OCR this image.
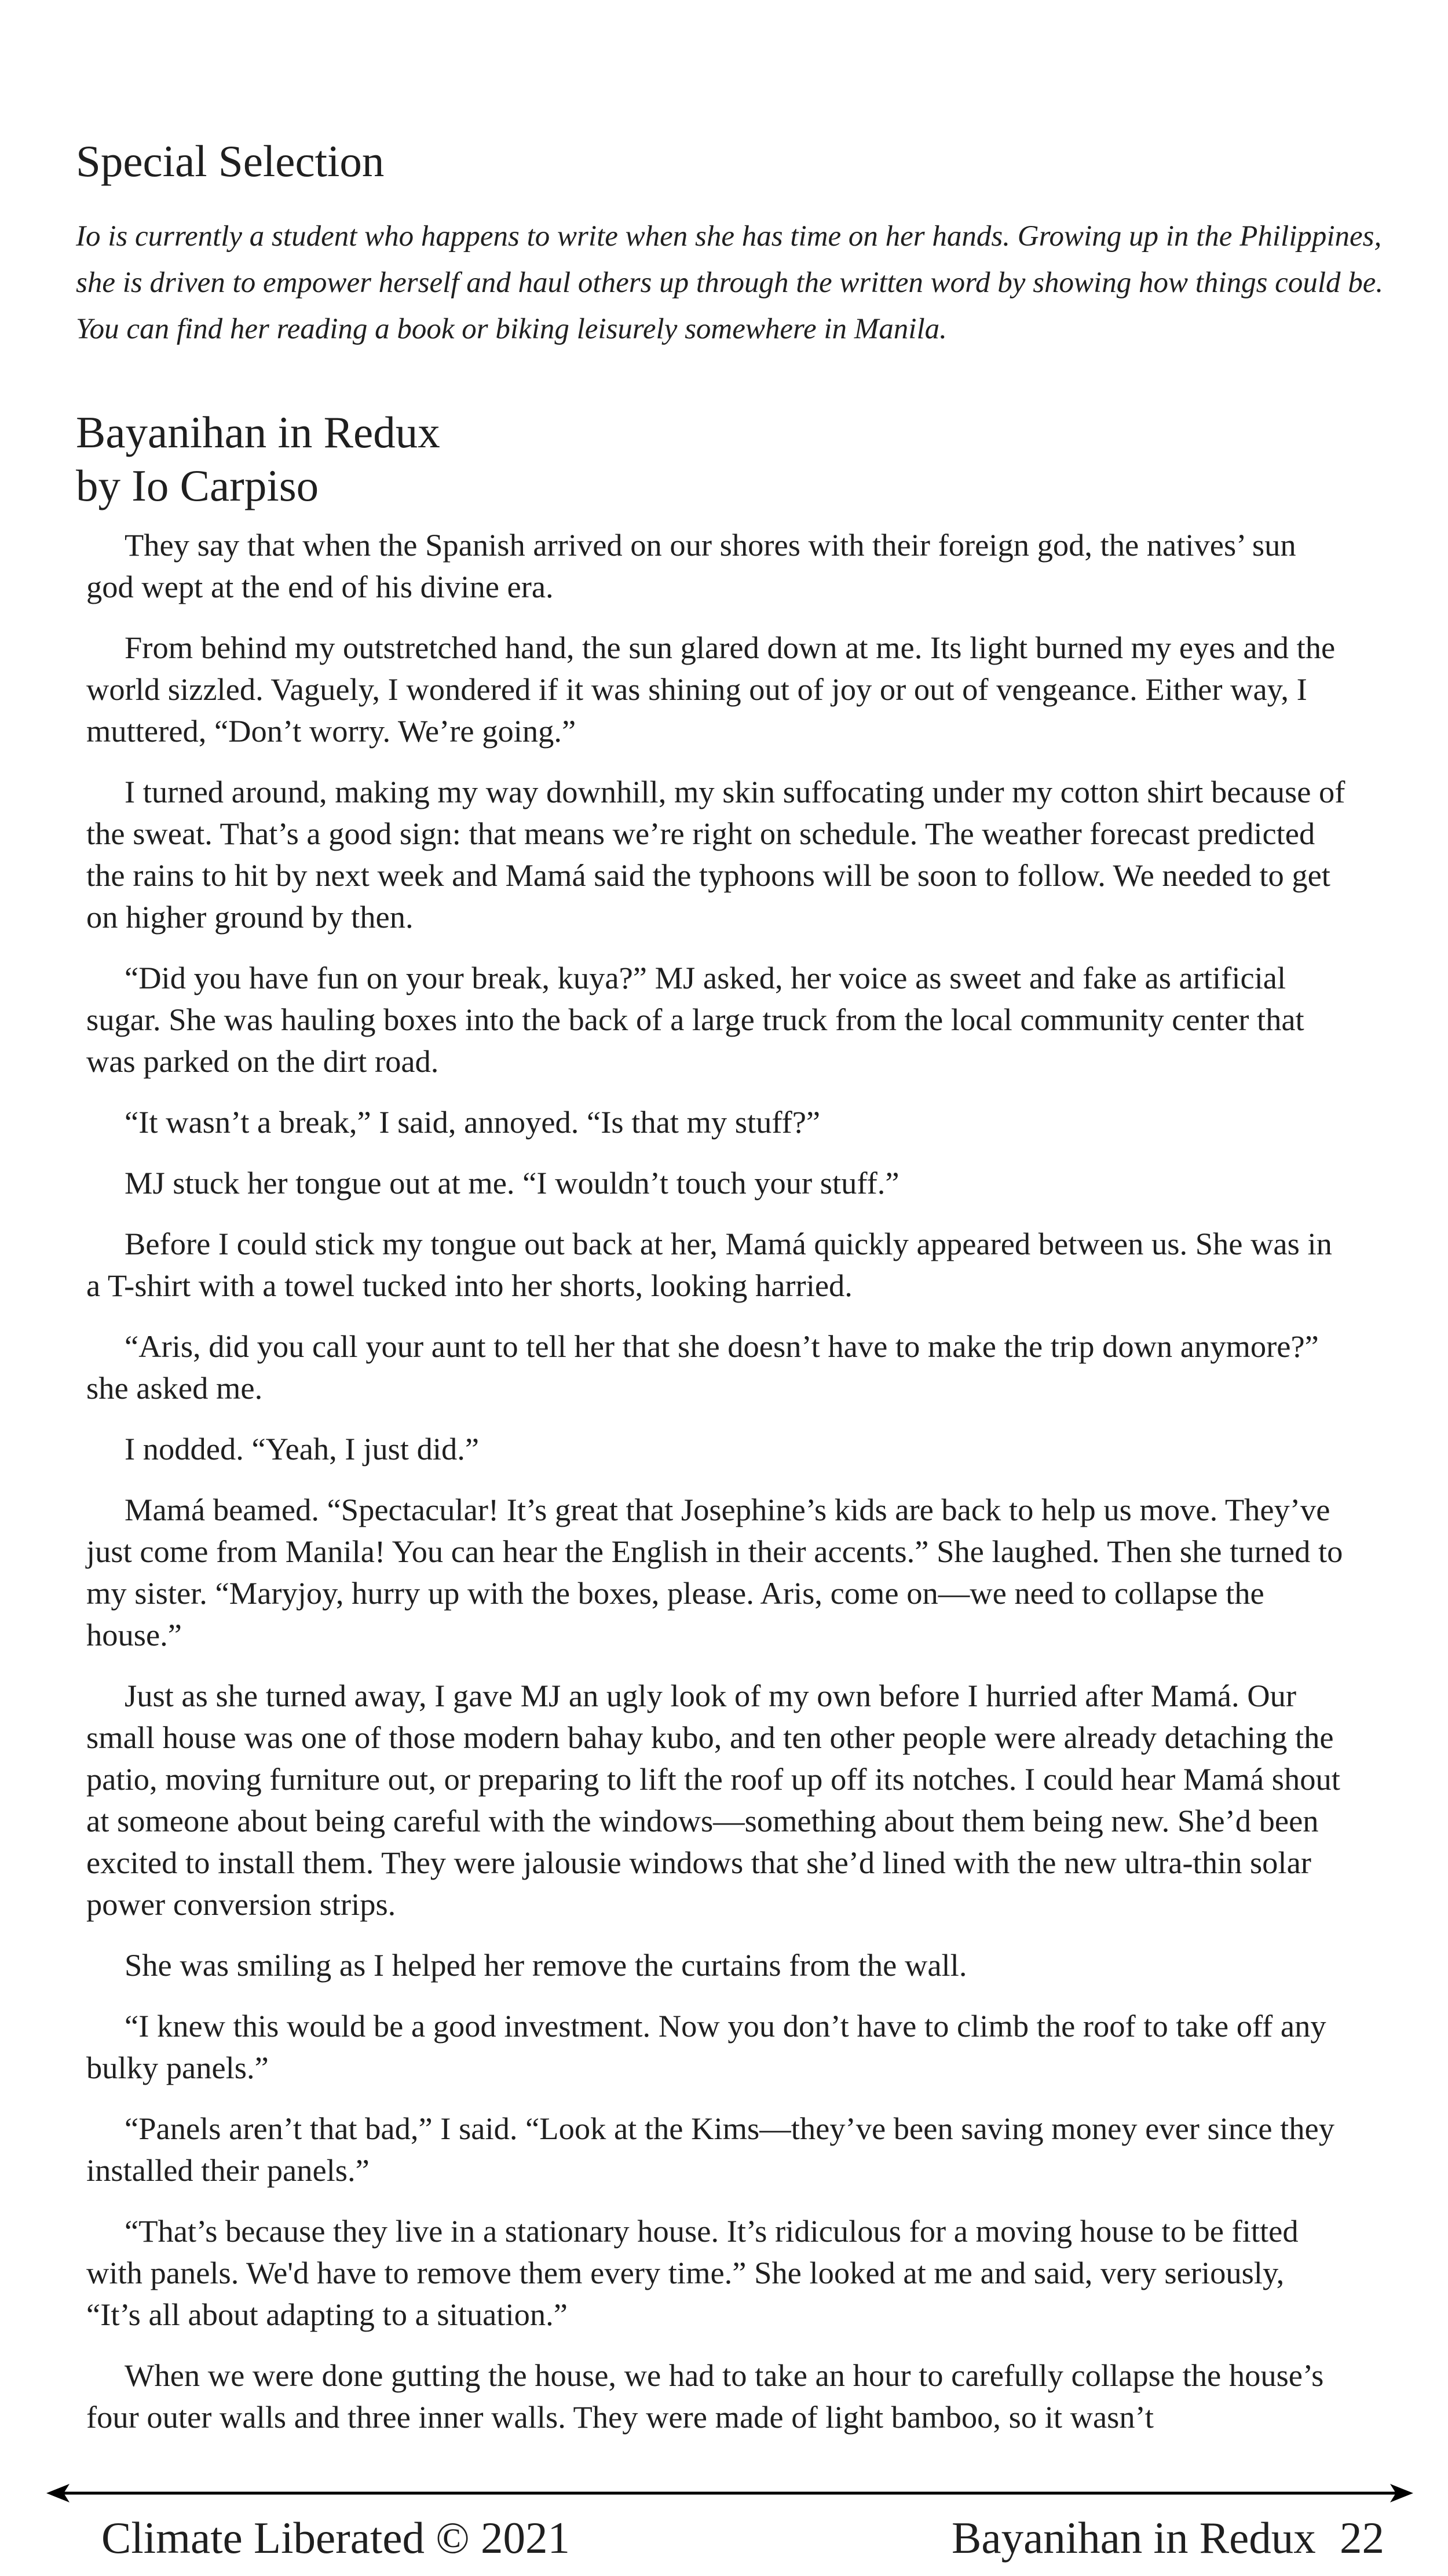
Special Selection

Io is currently a student who happens to write when she has time on her hands. Growing up in the Philippines, she is driven to empower herself and haul others up through the written word by showing how things could be. You can find her reading a book or biking leisurely somewhere in Manila.

Bayanihan in Redux
by Io Carpiso

They say that when the Spanish arrived on our shores with their foreign god, the natives’ sun god wept at the end of his divine era.

From behind my outstretched hand, the sun glared down at me. Its light burned my eyes and the world sizzled. Vaguely, I wondered if it was shining out of joy or out of vengeance. Either way, I muttered, “Don’t worry. We’re going.”

I turned around, making my way downhill, my skin suffocating under my cotton shirt because of the sweat. That’s a good sign: that means we’re right on schedule. The weather forecast predicted the rains to hit by next week and Mamá said the typhoons will be soon to follow. We needed to get on higher ground by then.

“Did you have fun on your break, kuya?” MJ asked, her voice as sweet and fake as artificial sugar. She was hauling boxes into the back of a large truck from the local community center that was parked on the dirt road.

“It wasn’t a break,” I said, annoyed. “Is that my stuff?”

MJ stuck her tongue out at me. “I wouldn’t touch your stuff.”

Before I could stick my tongue out back at her, Mamá quickly appeared between us. She was in a T-shirt with a towel tucked into her shorts, looking harried.

“Aris, did you call your aunt to tell her that she doesn’t have to make the trip down anymore?” she asked me.

I nodded. “Yeah, I just did.”

Mamá beamed. “Spectacular! It’s great that Josephine’s kids are back to help us move. They’ve just come from Manila! You can hear the English in their accents.” She laughed. Then she turned to my sister. “Maryjoy, hurry up with the boxes, please. Aris, come on—we need to collapse the house.”

Just as she turned away, I gave MJ an ugly look of my own before I hurried after Mamá. Our small house was one of those modern bahay kubo, and ten other people were already detaching the patio, moving furniture out, or preparing to lift the roof up off its notches. I could hear Mamá shout at someone about being careful with the windows—something about them being new. She’d been excited to install them. They were jalousie windows that she’d lined with the new ultra-thin solar power conversion strips.

She was smiling as I helped her remove the curtains from the wall.

“I knew this would be a good investment. Now you don’t have to climb the roof to take off any bulky panels.”

“Panels aren’t that bad,” I said. “Look at the Kims—they’ve been saving money ever since they installed their panels.”

“That’s because they live in a stationary house. It’s ridiculous for a moving house to be fitted with panels. We'd have to remove them every time.” She looked at me and said, very seriously, “It’s all about adapting to a situation.”

When we were done gutting the house, we had to take an hour to carefully collapse the house’s four outer walls and three inner walls. They were made of light bamboo, so it wasn’t

Climate Liberated © 2021	Bayanihan in Redux 22
